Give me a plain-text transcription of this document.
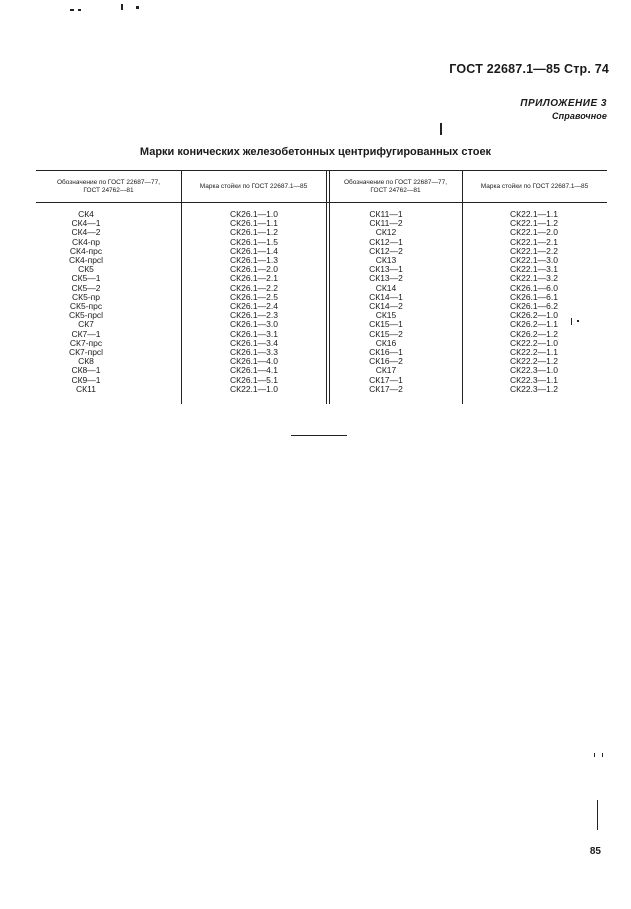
ГОСТ 22687.1—85 Стр. 74
ПРИЛОЖЕНИЕ 3
Справочное
Марки конических железобетонных центрифугированных стоек
Обозначение по ГОСТ 22687—77,
ГОСТ 24762—81
Марка стойки по ГОСТ 22687.1—85
Обозначение по ГОСТ 22687—77,
ГОСТ 24762—81
Марка стойки по ГОСТ 22687.1—85
СК4
СК4—1
СК4—2
СК4-пр
СК4-прс
СК4-прсl
СК5
СК5—1
СК5—2
СК5-пр
СК5-прс
СК5-прсl
СК7
СК7—1
СК7-прс
СК7-прсl
СК8
СК8—1
СК9—1
СК11
СК26.1—1.0
СК26.1—1.1
СК26.1—1.2
СК26.1—1.5
СК26.1—1.4
СК26.1—1.3
СК26.1—2.0
СК26.1—2.1
СК26.1—2.2
СК26.1—2.5
СК26.1—2.4
СК26.1—2.3
СК26.1—3.0
СК26.1—3.1
СК26.1—3.4
СК26.1—3.3
СК26.1—4.0
СК26.1—4.1
СК26.1—5.1
СК22.1—1.0
СК11—1
СК11—2
СК12
СК12—1
СК12—2
СК13
СК13—1
СК13—2
СК14
СК14—1
СК14—2
СК15
СК15—1
СК15—2
СК16
СК16—1
СК16—2
СК17
СК17—1
СК17—2
СК22.1—1.1
СК22.1—1.2
СК22.1—2.0
СК22.1—2.1
СК22.1—2.2
СК22.1—3.0
СК22.1—3.1
СК22.1—3.2
СК26.1—6.0
СК26.1—6.1
СК26.1—6.2
СК26.2—1.0
СК26.2—1.1
СК26.2—1.2
СК22.2—1.0
СК22.2—1.1
СК22.2—1.2
СК22.3—1.0
СК22.3—1.1
СК22.3—1.2
85
